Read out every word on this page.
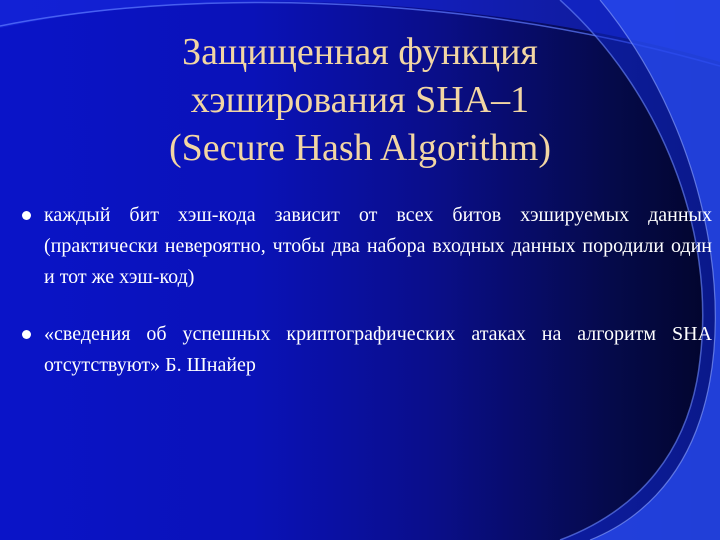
Защищенная функция
хэширования SHA–1
(Secure Hash Algorithm)
каждый бит хэш-кода зависит от всех битов хэшируемых данных (практически невероятно, чтобы два набора входных данных породили один и тот же хэш-код)
«сведения об успешных криптографических атаках на алгоритм SHA отсутствуют» Б. Шнайер
